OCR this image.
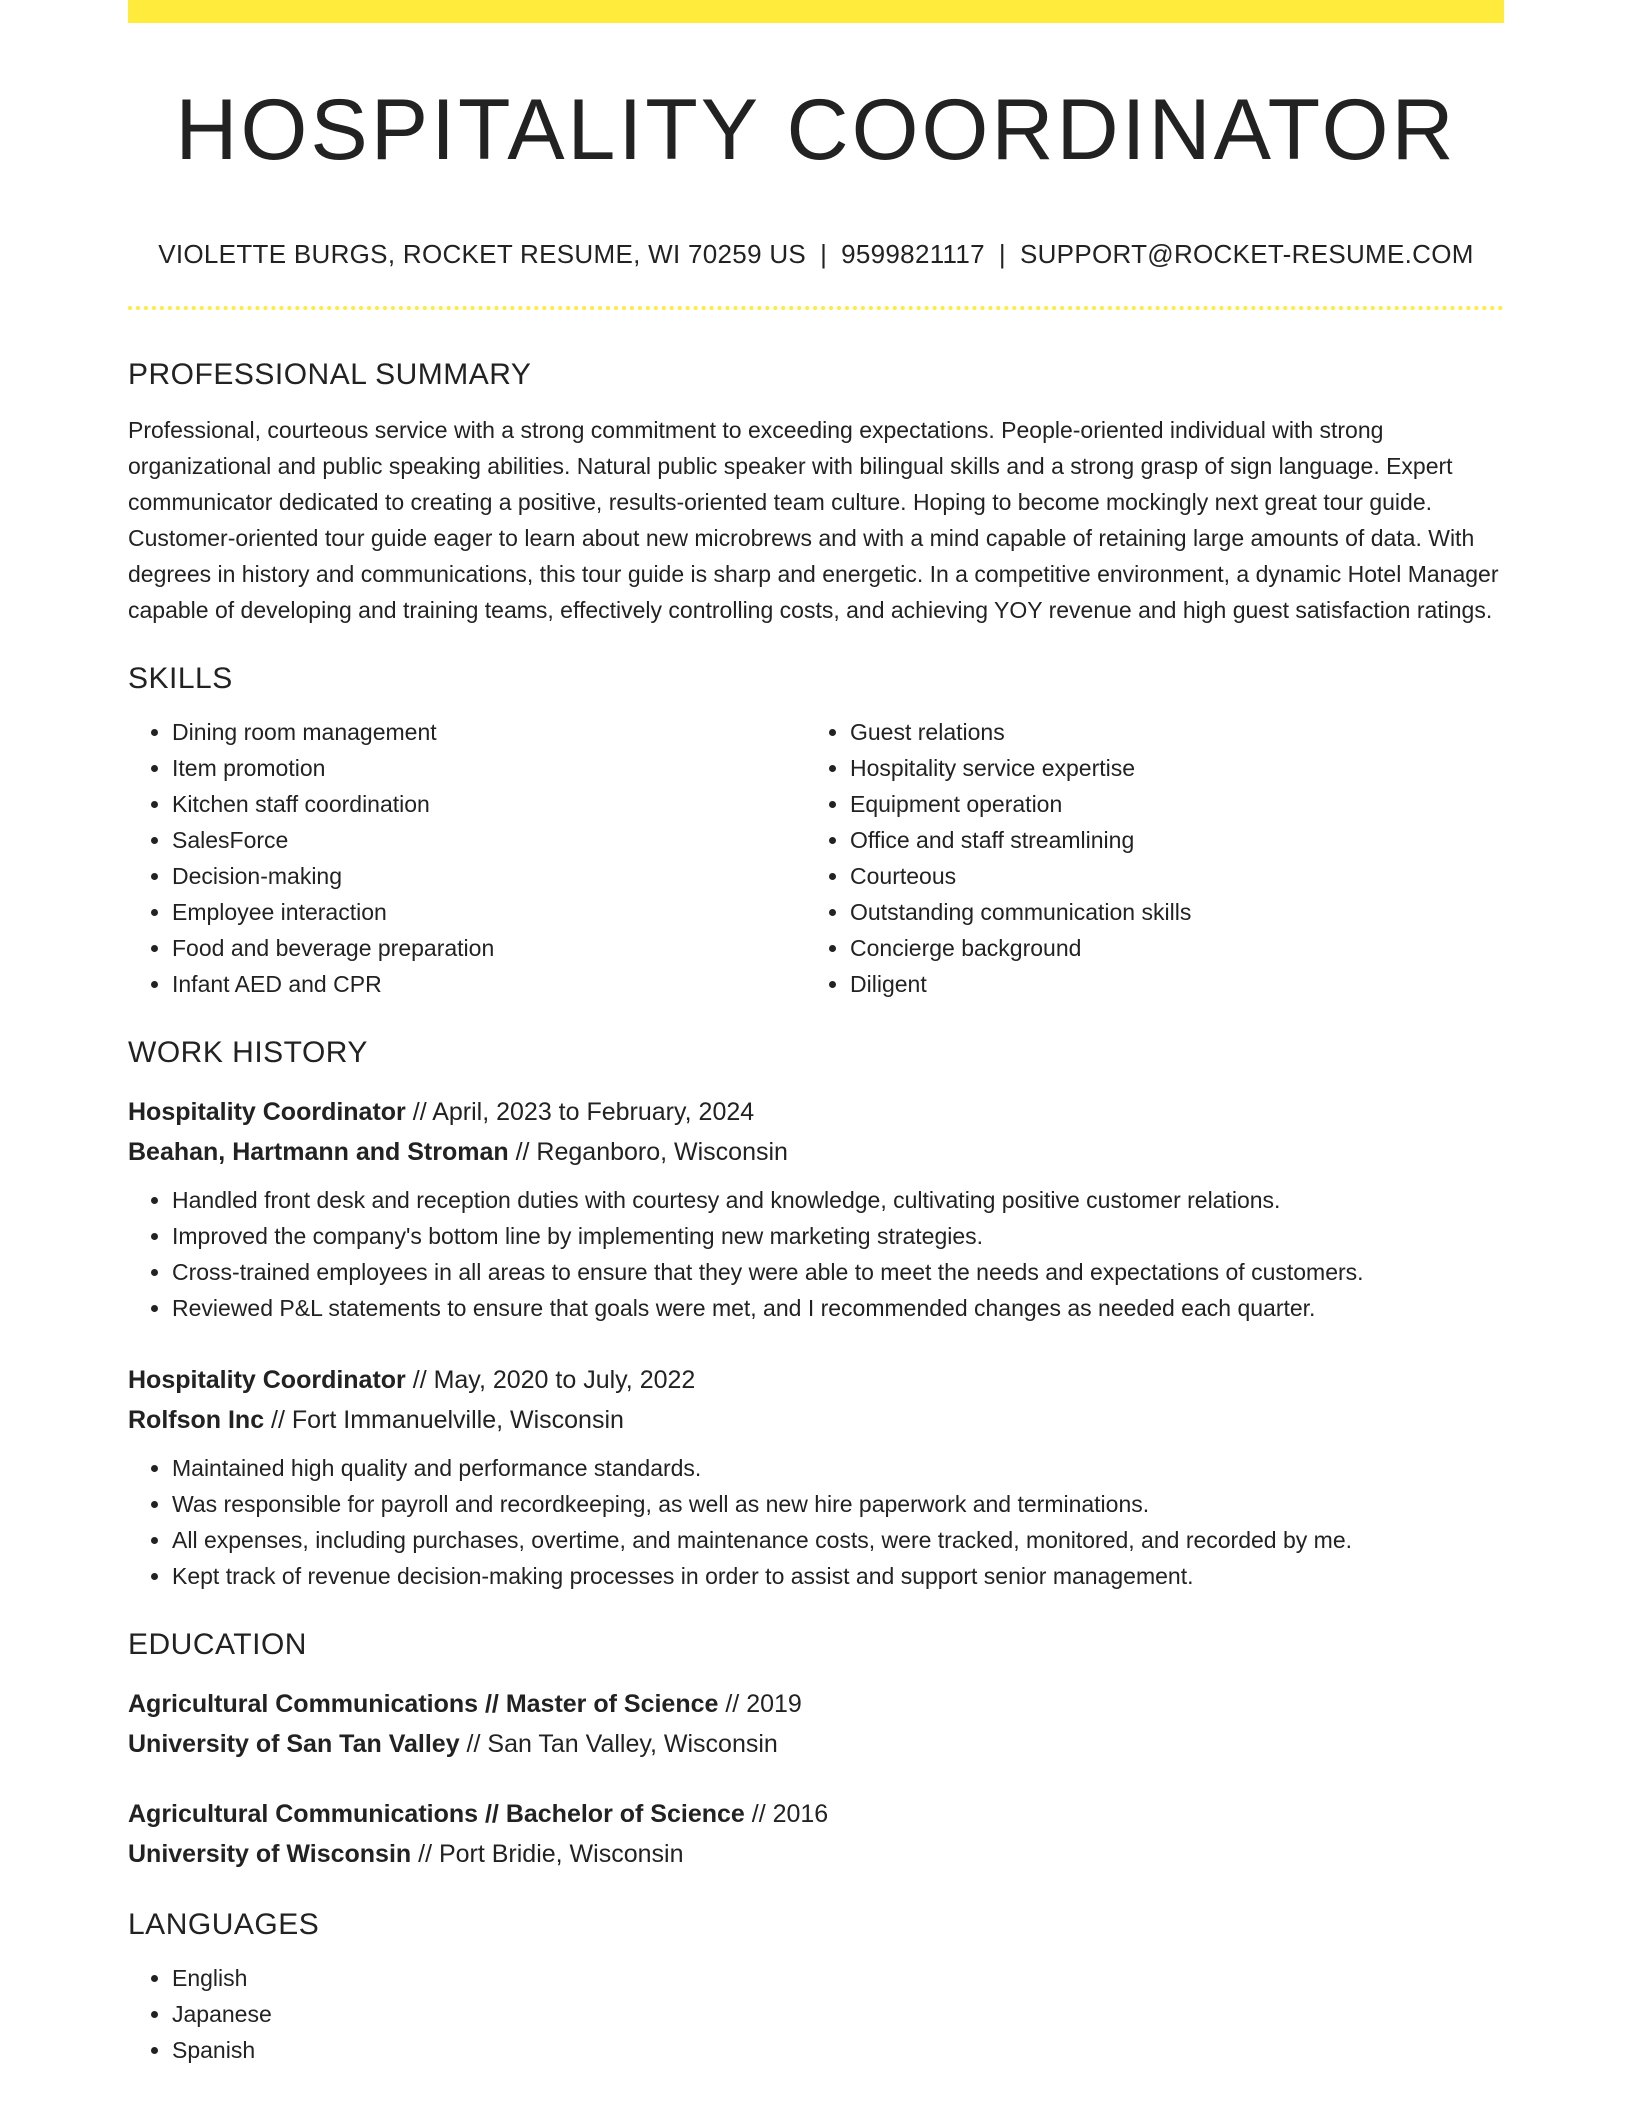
HOSPITALITY COORDINATOR
VIOLETTE BURGS, ROCKET RESUME, WI 70259 US | 9599821117 | SUPPORT@ROCKET-RESUME.COM
PROFESSIONAL SUMMARY

Professional, courteous service with a strong commitment to exceeding expectations. People-oriented individual with strong organizational and public speaking abilities. Natural public speaker with bilingual skills and a strong grasp of sign language. Expert communicator dedicated to creating a positive, results-oriented team culture. Hoping to become mockingly next great tour guide. Customer-oriented tour guide eager to learn about new microbrews and with a mind capable of retaining large amounts of data. With degrees in history and communications, this tour guide is sharp and energetic. In a competitive environment, a dynamic Hotel Manager capable of developing and training teams, effectively controlling costs, and achieving YOY revenue and high guest satisfaction ratings.

SKILLS
• Dining room management
• Item promotion
• Kitchen staff coordination
• SalesForce
• Decision-making
• Employee interaction
• Food and beverage preparation
• Infant AED and CPR
• Guest relations
• Hospitality service expertise
• Equipment operation
• Office and staff streamlining
• Courteous
• Outstanding communication skills
• Concierge background
• Diligent
WORK HISTORY
Hospitality Coordinator // April, 2023 to February, 2024
Beahan, Hartmann and Stroman // Reganboro, Wisconsin
• Handled front desk and reception duties with courtesy and knowledge, cultivating positive customer relations.
• Improved the company's bottom line by implementing new marketing strategies.
• Cross-trained employees in all areas to ensure that they were able to meet the needs and expectations of customers.
• Reviewed P&L statements to ensure that goals were met, and I recommended changes as needed each quarter.
Hospitality Coordinator // May, 2020 to July, 2022
Rolfson Inc // Fort Immanuelville, Wisconsin
• Maintained high quality and performance standards.
• Was responsible for payroll and recordkeeping, as well as new hire paperwork and terminations.
• All expenses, including purchases, overtime, and maintenance costs, were tracked, monitored, and recorded by me.
• Kept track of revenue decision-making processes in order to assist and support senior management.
EDUCATION
Agricultural Communications // Master of Science // 2019
University of San Tan Valley // San Tan Valley, Wisconsin
Agricultural Communications // Bachelor of Science // 2016
University of Wisconsin // Port Bridie, Wisconsin
LANGUAGES
• English
• Japanese
• Spanish
